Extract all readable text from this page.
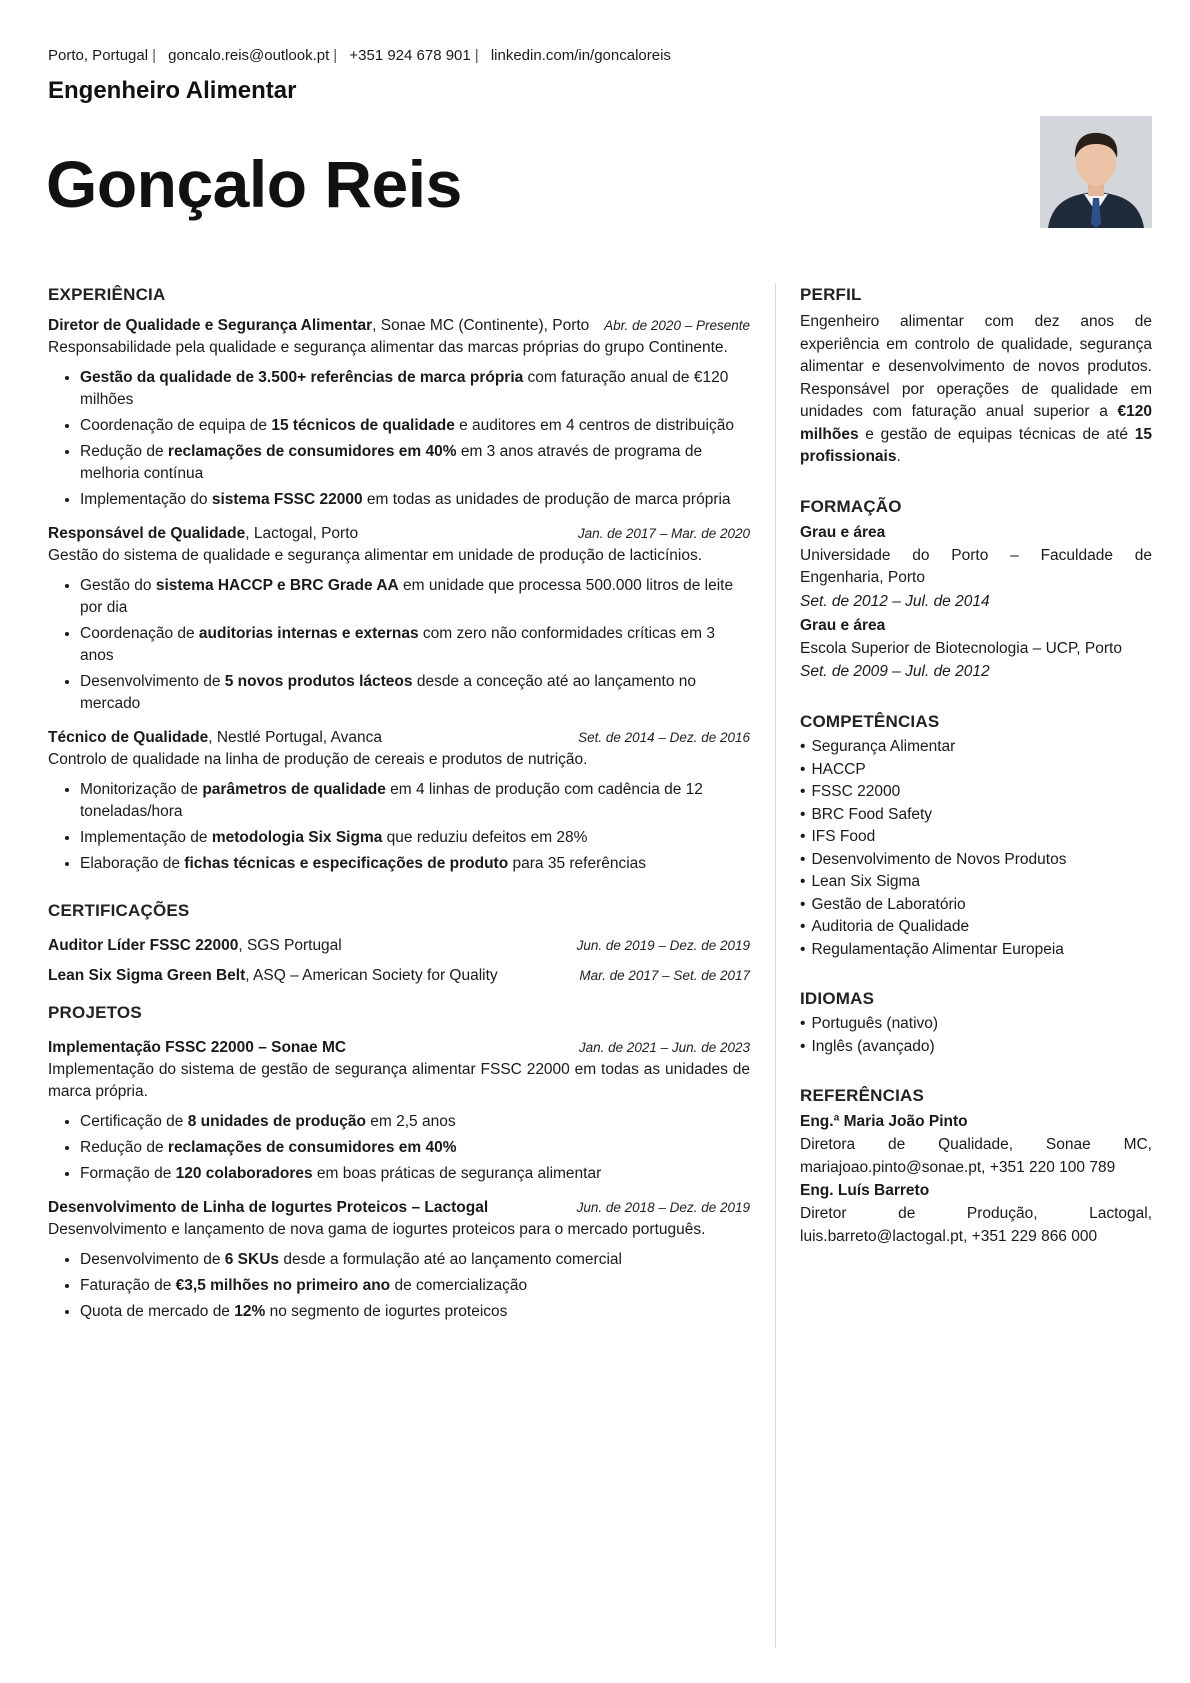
Porto, Portugal | goncalo.reis@outlook.pt | +351 924 678 901 | linkedin.com/in/goncaloreis
Engenheiro Alimentar
Gonçalo Reis
EXPERIÊNCIA
Diretor de Qualidade e Segurança Alimentar, Sonae MC (Continente), Porto Abr. de 2020 – Presente
Responsabilidade pela qualidade e segurança alimentar das marcas próprias do grupo Continente.
• Gestão da qualidade de 3.500+ referências de marca própria com faturação anual de €120 milhões
• Coordenação de equipa de 15 técnicos de qualidade e auditores em 4 centros de distribuição
• Redução de reclamações de consumidores em 40% em 3 anos através de programa de melhoria contínua
• Implementação do sistema FSSC 22000 em todas as unidades de produção de marca própria
Responsável de Qualidade, Lactogal, Porto	Jan. de 2017 – Mar. de 2020
Gestão do sistema de qualidade e segurança alimentar em unidade de produção de lacticínios.
• Gestão do sistema HACCP e BRC Grade AA em unidade que processa 500.000 litros de leite por dia
• Coordenação de auditorias internas e externas com zero não conformidades críticas em 3 anos
• Desenvolvimento de 5 novos produtos lácteos desde a conceção até ao lançamento no mercado
Técnico de Qualidade, Nestlé Portugal, Avanca	Set. de 2014 – Dez. de 2016
Controlo de qualidade na linha de produção de cereais e produtos de nutrição.
• Monitorização de parâmetros de qualidade em 4 linhas de produção com cadência de 12 toneladas/hora
• Implementação de metodologia Six Sigma que reduziu defeitos em 28%
• Elaboração de fichas técnicas e especificações de produto para 35 referências
CERTIFICAÇÕES
Auditor Líder FSSC 22000, SGS Portugal	Jun. de 2019 – Dez. de 2019
Lean Six Sigma Green Belt, ASQ – American Society for Quality	Mar. de 2017 – Set. de 2017
PROJETOS
Implementação FSSC 22000 – Sonae MC	Jan. de 2021 – Jun. de 2023
Implementação do sistema de gestão de segurança alimentar FSSC 22000 em todas as unidades de marca própria.
• Certificação de 8 unidades de produção em 2,5 anos
• Redução de reclamações de consumidores em 40%
• Formação de 120 colaboradores em boas práticas de segurança alimentar
Desenvolvimento de Linha de Iogurtes Proteicos – Lactogal	Jun. de 2018 – Dez. de 2019
Desenvolvimento e lançamento de nova gama de iogurtes proteicos para o mercado português.
• Desenvolvimento de 6 SKUs desde a formulação até ao lançamento comercial
• Faturação de €3,5 milhões no primeiro ano de comercialização
• Quota de mercado de 12% no segmento de iogurtes proteicos
PERFIL
Engenheiro alimentar com dez anos de experiência em controlo de qualidade, segurança alimentar e desenvolvimento de novos produtos. Responsável por operações de qualidade em unidades com faturação anual superior a €120 milhões e gestão de equipas técnicas de até 15 profissionais.
FORMAÇÃO
Grau e área
Universidade do Porto – Faculdade de Engenharia, Porto
Set. de 2012 – Jul. de 2014
Grau e área
Escola Superior de Biotecnologia – UCP, Porto
Set. de 2009 – Jul. de 2012
COMPETÊNCIAS
• Segurança Alimentar
• HACCP
• FSSC 22000
• BRC Food Safety
• IFS Food
• Desenvolvimento de Novos Produtos
• Lean Six Sigma
• Gestão de Laboratório
• Auditoria de Qualidade
• Regulamentação Alimentar Europeia
IDIOMAS
• Português (nativo)
• Inglês (avançado)
REFERÊNCIAS
Eng.ª Maria João Pinto
Diretora de Qualidade, Sonae MC, mariajoao.pinto@sonae.pt, +351 220 100 789
Eng. Luís Barreto
Diretor de Produção, Lactogal, luis.barreto@lactogal.pt, +351 229 866 000
